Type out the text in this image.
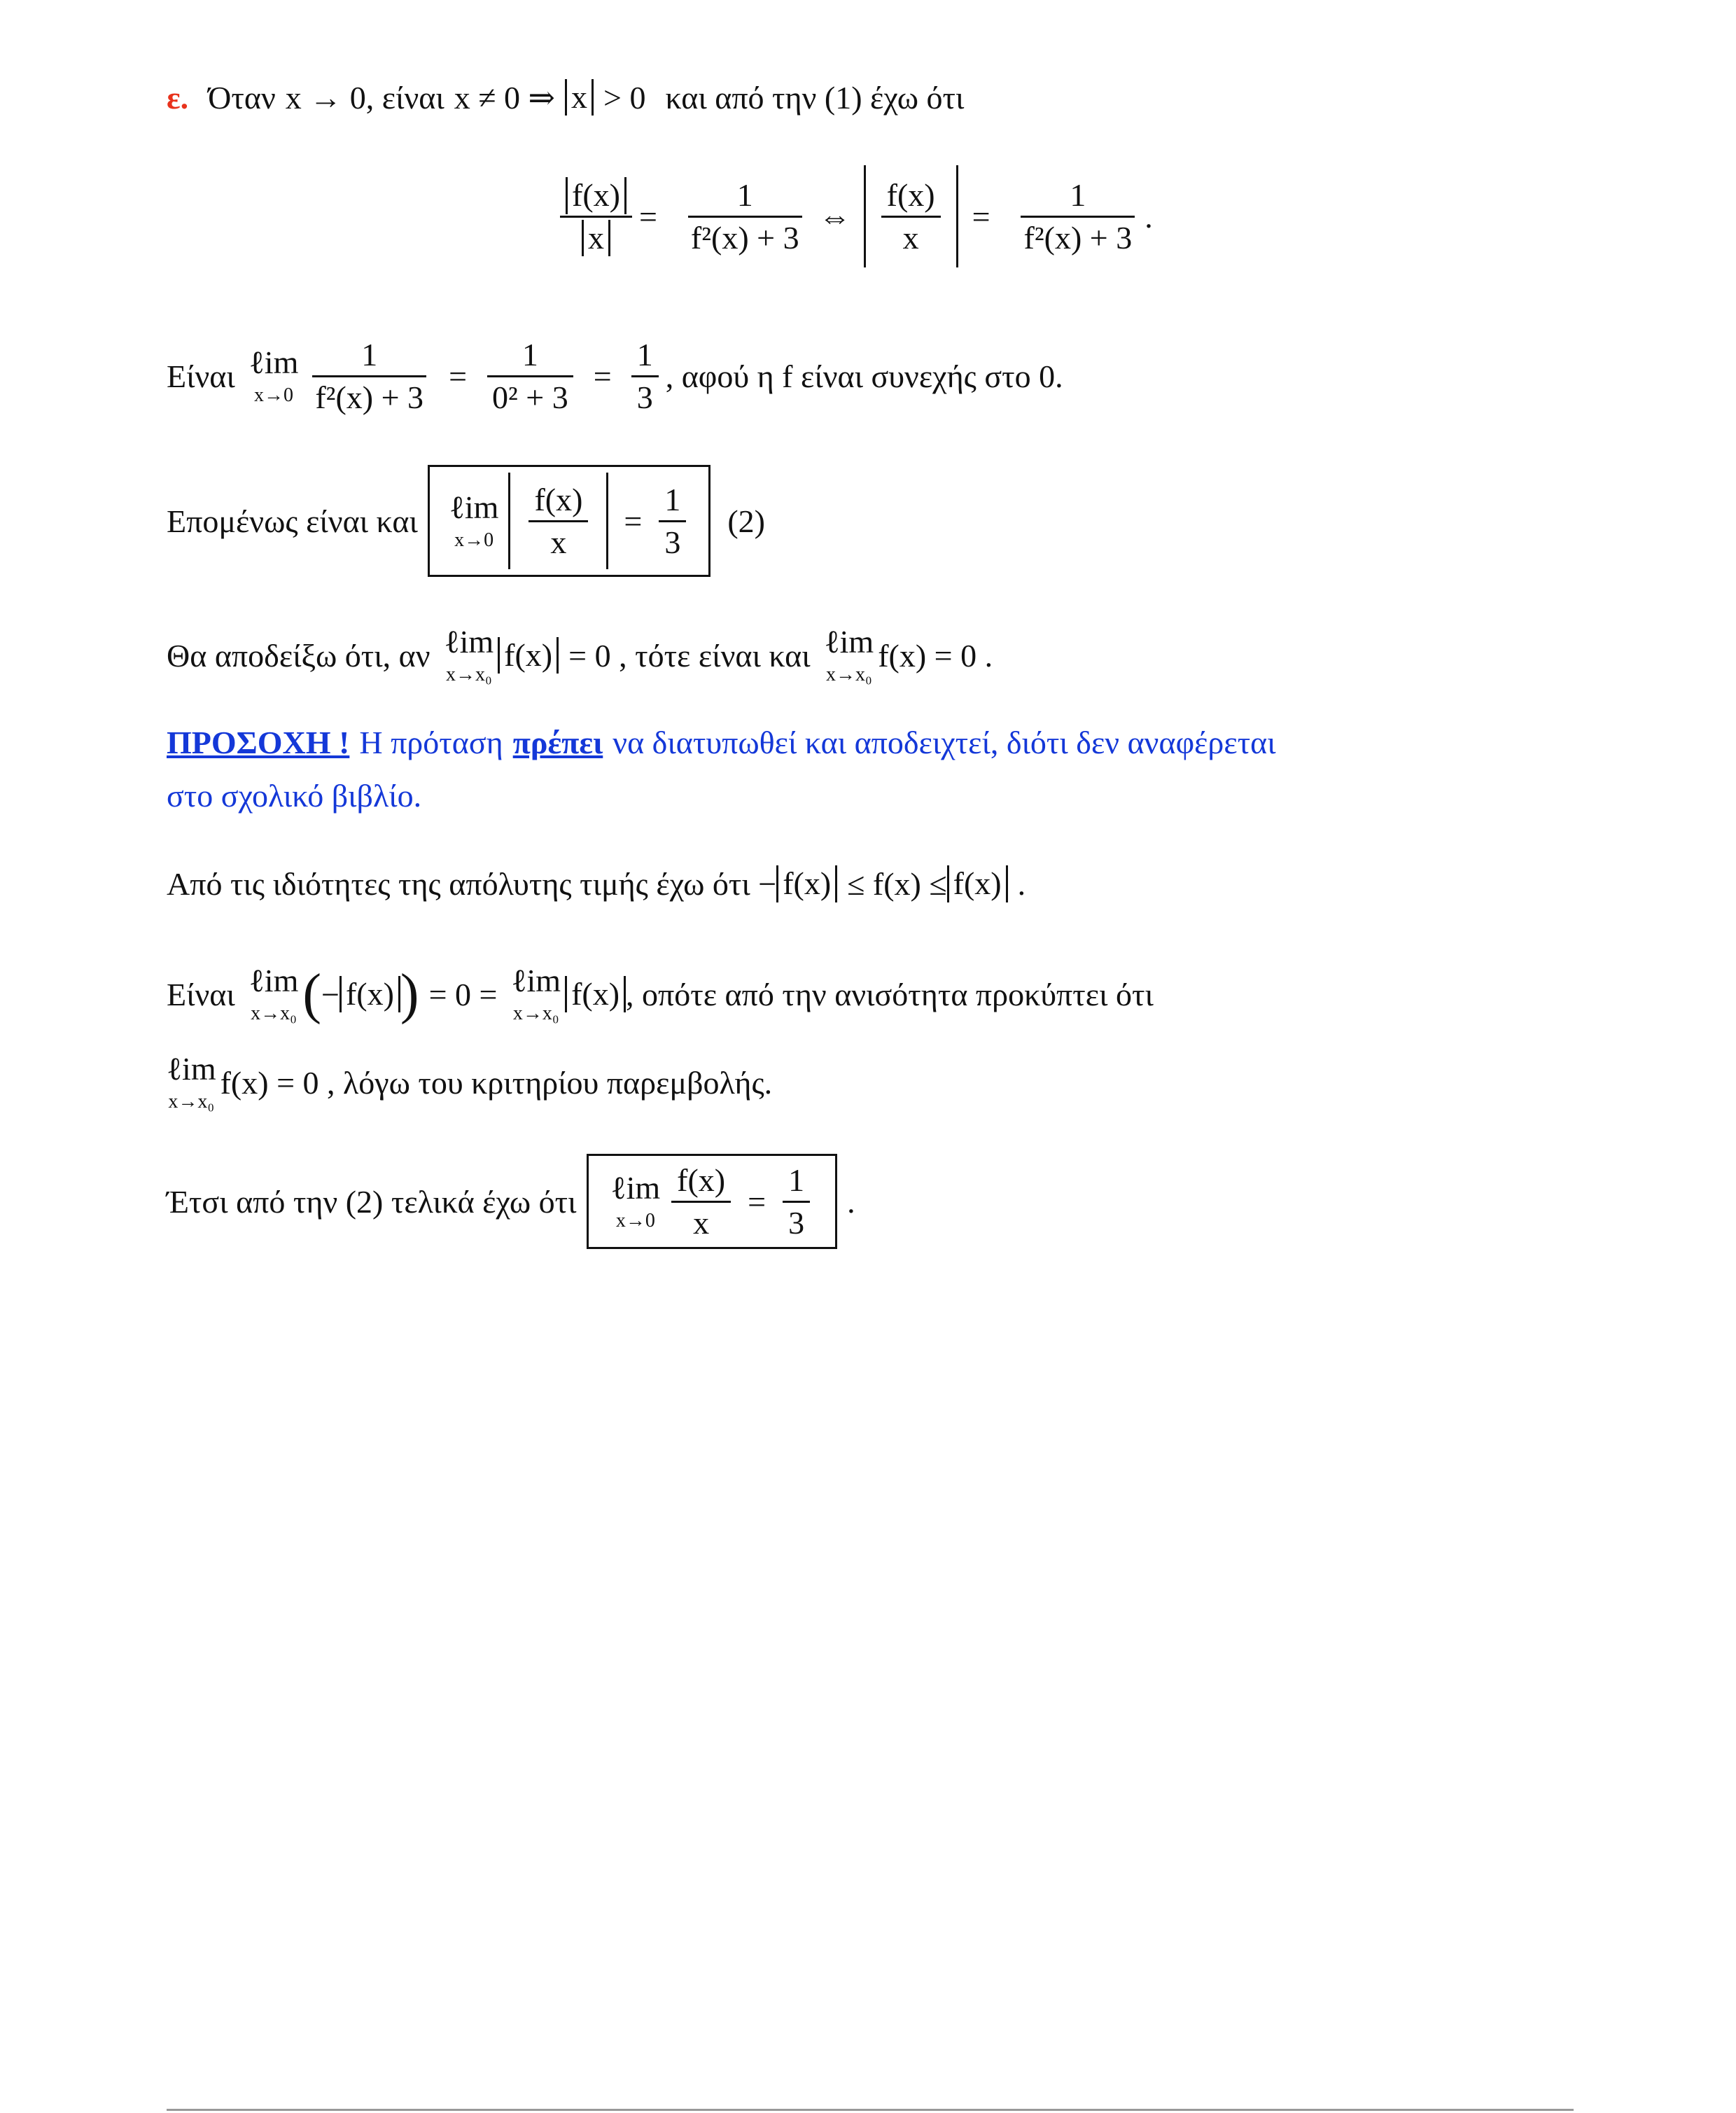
ε. Όταν x → 0 , είναι x ≠ 0 ⇒ x > 0 και από την (1) έχω ότι
$\frac{f(x)}{x} = \frac{1}{\text{f²(x) + 3}}$ ⇔ $\frac{f(x)}{x} = \frac{1}{\text{f²(x) + 3}}$ .
Είναι ℓim
$x\to 0 \frac{1}{\text{f²(x) + 3}} = \frac{1}{\text{0² + 3}} = \frac{1}{3}$ , αφού η f είναι συνεχής στο 0.
Επομένως είναι και ℓim
$x\to 0 \frac{f(x)}{x} = \frac{1}{3} (2)$
Θα αποδείξω ότι, αν ℓim
x→x₀
f(x) = 0 , τότε είναι και ℓim
x→x₀
f(x) = 0 .
ΠΡΟΣΟΧΗ ! Η πρόταση πρέπει να διατυπωθεί και αποδειχτεί, διότι δεν αναφέρεται
στο σχολικό βιβλίο.
Από τις ιδιότητες της απόλυτης τιμής έχω ότι − f(x) ≤ f(x) ≤ f(x) .
Είναι ℓim
x→x₀ ( − f(x) ) = 0 = ℓim
x→x₀
f(x) , οπότε από την ανισότητα προκύπτει ότι
ℓim
x→x₀
f(x) = 0 , λόγω του κριτηρίου παρεμβολής.
Έτσι από την (2) τελικά έχω ότι ℓim
$x\to 0 \frac{f(x)}{x} = \frac{1}{3}$ .
